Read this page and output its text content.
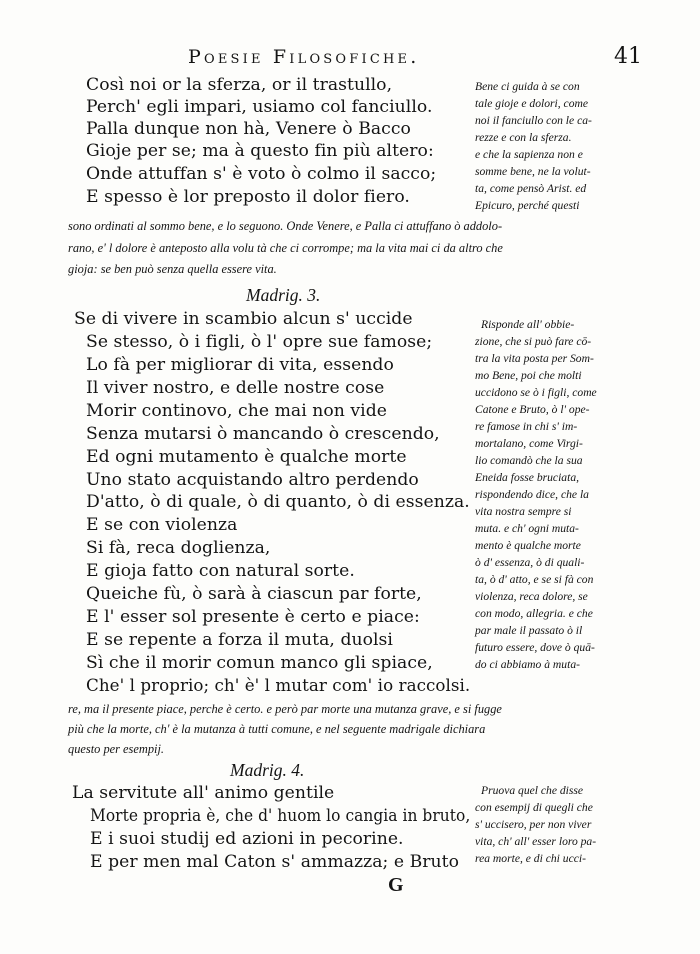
Poesie Filosofiche.	41
Così noi or la sferza, or il trastullo,
Perch' egli impari, usiamo col fanciullo.
Palla dunque non hà, Venere ò Bacco
Gioje per se; ma à questo fin più altero:
Onde attuffan s' è voto ò colmo il sacco;
E spesso è lor preposto il dolor fiero.
Bene ci guida à se con
tale gioje e dolori, come
noi il fanciullo con le ca-
rezze e con la sferza.
e che la sapienza non e
somme bene, ne la volut-
ta, come pensò Arist. ed
Epicuro, perché questi
sono ordinati al sommo bene, e lo seguono. Onde Venere, e Palla ci attuffano ò addolo-
rano, e' l dolore è anteposto alla volu tà che ci corrompe; ma la vita mai ci da altro che
gioja: se ben può senza quella essere vita.
Madrig. 3.
Se di vivere in scambio alcun s' uccide
Se stesso, ò i figli, ò l' opre sue famose;
Lo fà per migliorar di vita, essendo
Il viver nostro, e delle nostre cose
Morir continovo, che mai non vide
Senza mutarsi ò mancando ò crescendo,
Ed ogni mutamento è qualche morte
Uno stato acquistando altro perdendo
D'atto, ò di quale, ò di quanto, ò di essenza.
E se con violenza
Si fà, reca doglienza,
E gioja fatto con natural sorte.
Queiche fù, ò sarà à ciascun par forte,
E l' esser sol presente è certo e piace:
E se repente a forza il muta, duolsi
Sì che il morir comun manco gli spiace,
Che' l proprio; ch' è' l mutar com' io raccolsi.
Risponde all' obbie-
zione, che si può fare cō-
tra la vita posta per Som-
mo Bene, poi che molti
uccidono se ò i figli, come
Catone e Bruto, ò l' ope-
re famose in chi s' im-
mortalano, come Virgi-
lio comandò che la sua
Eneida fosse bruciata,
rispondendo dice, che la
vita nostra sempre si
muta. e ch' ogni muta-
mento è qualche morte
ò d' essenza, ò di quali-
ta, ò d' atto, e se si fà con
violenza, reca dolore, se
con modo, allegria. e che
par male il passato ò il
futuro essere, dove ò quā-
do ci abbiamo à muta-
re, ma il presente piace, perche è certo. e però par morte una mutanza grave, e si fugge
più che la morte, ch' è la mutanza à tutti comune, e nel seguente madrigale dichiara
questo per esempij.
Madrig. 4.
La servitute all' animo gentile
Morte propria è, che d' huom lo cangia in bruto,
E i suoi studij ed azioni in pecorine.
E per men mal Caton s' ammazza; e Bruto
Pruova quel che disse
con esempij di quegli che
s' uccisero, per non viver
vita, ch' all' esser loro pa-
rea morte, e di chi ucci-
G
